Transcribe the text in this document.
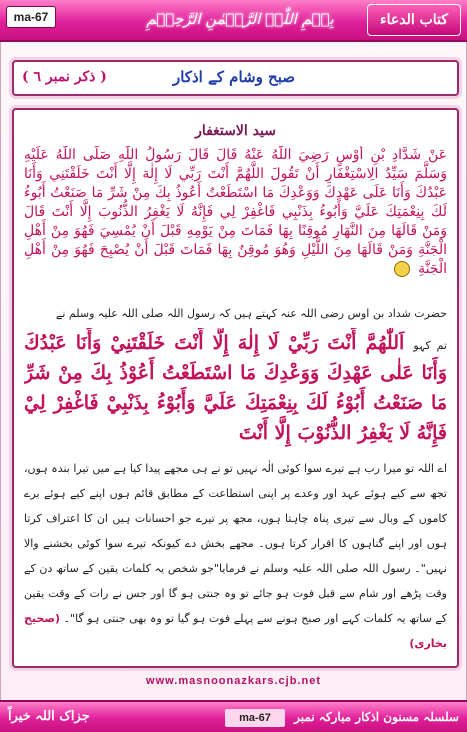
ma-67	بِسۡمِ اللّٰہِ الرَّحۡمٰنِ الرَّحِیۡمِ	کتاب الدعاء
( ذکر نمبر ٦ )	صبح وشام کے اذکار
سید الاستغفار
عَنْ شَدَّادِ بْنِ أَوْسٍ رَضِيَ اللّٰهُ عَنْهُ قَالَ قَالَ رَسُولُ اللّٰهِ صَلَّى اللّٰهُ عَلَيْهِ وَسَلَّمَ سَيِّدُ الِاسْتِغْفَارِ أَنْ تَقُولَ اللَّهُمَّ أَنْتَ رَبِّي لَا إِلٰهَ إِلَّا أَنْتَ خَلَقْتَنِي وَأَنَا عَبْدُكَ وَأَنَا عَلَى عَهْدِكَ وَوَعْدِكَ مَا اسْتَطَعْتُ أَعُوذُ بِكَ مِنْ شَرِّ مَا صَنَعْتُ أَبُوءُ لَكَ بِنِعْمَتِكَ عَلَيَّ وَأَبُوءُ بِذَنْبِي فَاغْفِرْ لِي فَإِنَّهُ لَا يَغْفِرُ الذُّنُوبَ إِلَّا أَنْتَ قَالَ وَمَنْ قَالَهَا مِنَ النَّهَارِ مُوقِنًا بِهَا فَمَاتَ مِنْ يَوْمِهِ قَبْلَ أَنْ يُمْسِيَ فَهُوَ مِنْ أَهْلِ الْجَنَّةِ وَمَنْ قَالَهَا مِنَ اللَّيْلِ وَهُوَ مُوقِنٌ بِهَا فَمَاتَ قَبْلَ أَنْ يُصْبِحَ فَهُوَ مِنْ أَهْلِ الْجَنَّةِ
حضرت شداد بن اوس رضی اللہ عنہ کہتے ہیں کہ رسول اللہ صلی اللہ علیہ وسلم نے
تم کہو اَللّٰهُمَّ أَنْتَ رَبِّيْ لَا إِلٰهَ إِلَّا أَنْتَ خَلَقْتَنِيْ وَأَنَا عَبْدُكَ وَأَنَا عَلٰى عَهْدِكَ وَوَعْدِكَ مَا اسْتَطَعْتُ أَعُوْذُ بِكَ مِنْ شَرِّ مَا صَنَعْتُ أَبُوْءُ لَكَ بِنِعْمَتِكَ عَلَيَّ وَأَبُوْءُ بِذَنْبِيْ فَاغْفِرْ لِيْ فَإِنَّهُ لَا يَغْفِرُ الذُّنُوْبَ إِلَّا أَنْتَ
اے اللہ تو میرا رب ہے تیرے سوا کوئی الٰہ نہیں تو نے ہی مجھے پیدا کیا ہے میں تیرا بندہ ہوں، تجھ سے کیے ہوئے عہد اور وعدے پر اپنی استطاعت کے مطابق قائم ہوں اپنے کیے ہوئے برے کاموں کے وبال سے تیری پناہ چاہتا ہوں، مجھ پر تیرے جو احسانات ہیں ان کا اعتراف کرتا ہوں اور اپنے گناہوں کا اقرار کرتا ہوں۔ مجھے بخش دے کیونکہ تیرے سوا کوئی بخشنے والا نہیں"۔ رسول اللہ صلی اللہ علیہ وسلم نے فرمایا"جو شخص یہ کلمات یقین کے ساتھ دن کے وقت پڑھے اور شام سے قبل فوت ہو جائے تو وہ جنتی ہو گا اور جس نے رات کے وقت یقین کے ساتھ یہ کلمات کہے اور صبح ہونے سے پہلے فوت ہو گیا تو وہ بھی جنتی ہو گا"۔ (صحیح بخاری)
www.masnoonazkars.cjb.net
جزاک اللہ خیراً	ma-67	سلسلہ مسنون اذکار مبارکہ نمبر
